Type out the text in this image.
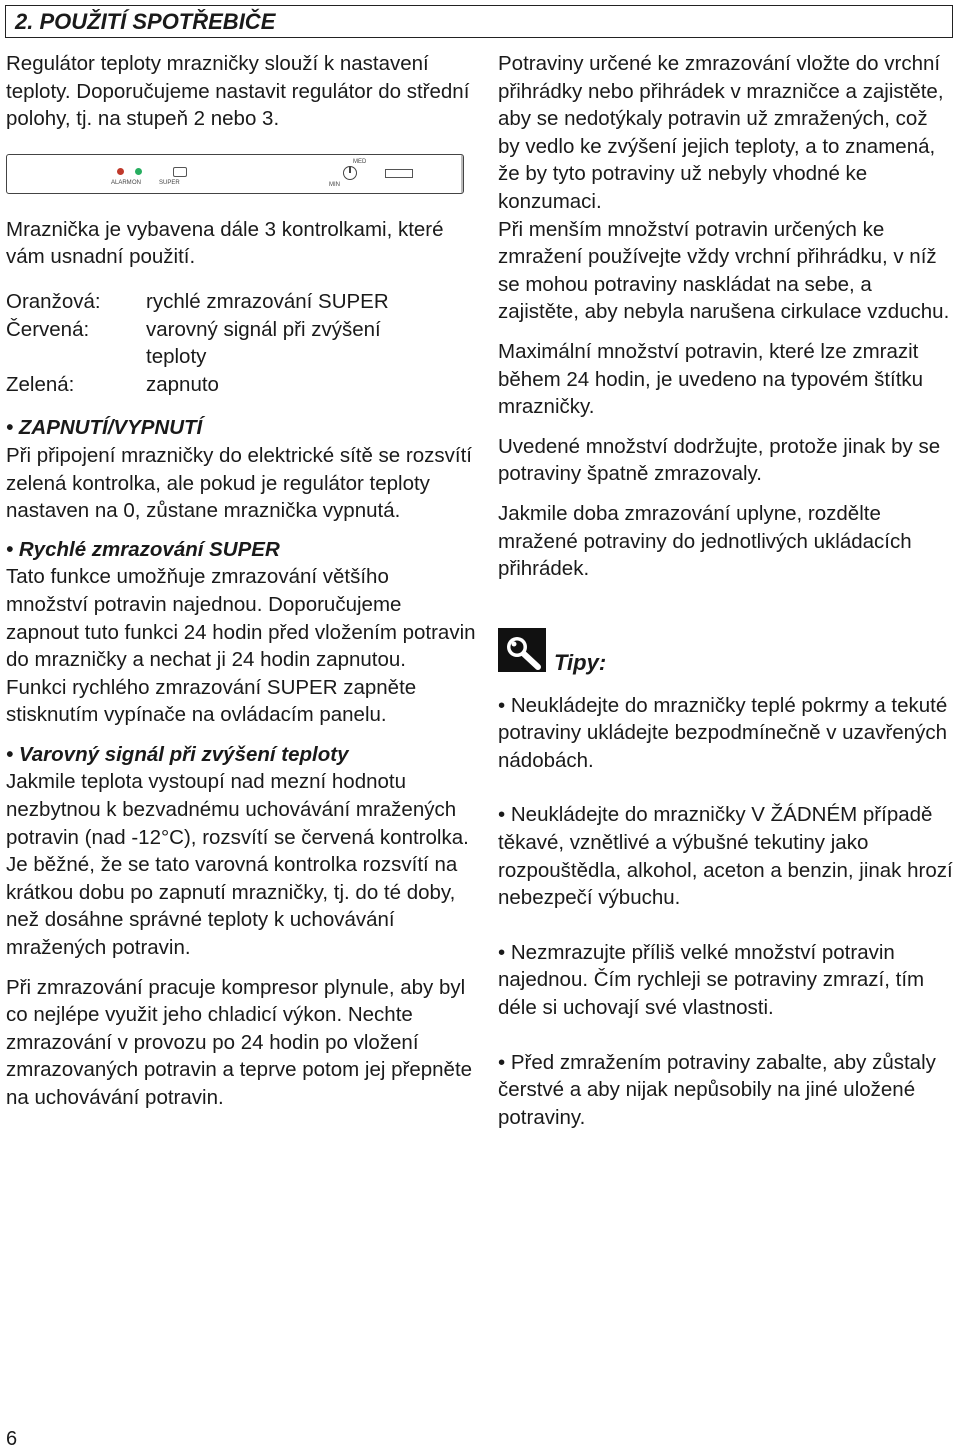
2. POUŽITÍ SPOTŘEBIČE

Regulátor teploty mrazničky slouží k nastavení teploty. Doporučujeme nastavit regulátor do střední polohy, tj. na stupeň 2 nebo 3.

ALARM ON	SUPER	MIN
MED

Mraznička je vybavena dále 3 kontrolkami, které vám usnadní použití.

Oranžová:	rychlé zmrazování SUPER
Červená:	varovný signál při zvýšení teploty
Zelená:	zapnuto

• ZAPNUTÍ/VYPNUTÍ

Při připojení mrazničky do elektrické sítě se rozsvítí zelená kontrolka, ale pokud je regulátor teploty nastaven na 0, zůstane mraznička vypnutá.

• Rychlé zmrazování SUPER

Tato funkce umožňuje zmrazování většího množství potravin najednou. Doporučujeme zapnout tuto funkci 24 hodin před vložením potravin do mrazničky a nechat ji 24 hodin zapnutou.

Funkci rychlého zmrazování SUPER zapněte stisknutím vypínače na ovládacím panelu.

• Varovný signál při zvýšení teploty

Jakmile teplota vystoupí nad mezní hodnotu nezbytnou k bezvadnému uchovávání mražených potravin (nad -12°C), rozsvítí se červená kontrolka. Je běžné, že se tato varovná kontrolka rozsvítí na krátkou dobu po zapnutí mrazničky, tj. do té doby, než dosáhne správné teploty k uchovávání mražených potravin.

Při zmrazování pracuje kompresor plynule, aby byl co nejlépe využit jeho chladicí výkon. Nechte zmrazování v provozu po 24 hodin po vložení zmrazovaných potravin a teprve potom jej přepněte na uchovávání potravin.

Potraviny určené ke zmrazování vložte do vrchní přihrádky nebo přihrádek v mrazničce a zajistěte, aby se nedotýkaly potravin už zmražených, což by vedlo ke zvýšení jejich teploty, a to znamená, že by tyto potraviny už nebyly vhodné ke konzumaci.

Při menším množství potravin určených ke zmražení používejte vždy vrchní přihrádku, v níž se mohou potraviny naskládat na sebe, a zajistěte, aby nebyla narušena cirkulace vzduchu.

Maximální množství potravin, které lze zmrazit během 24 hodin, je uvedeno na typovém štítku mrazničky.

Uvedené množství dodržujte, protože jinak by se potraviny špatně zmrazovaly.

Jakmile doba zmrazování uplyne, rozdělte mražené potraviny do jednotlivých ukládacích přihrádek.

Tipy:

• Neukládejte do mrazničky teplé pokrmy a tekuté potraviny ukládejte bezpodmínečně v uzavřených nádobách.

• Neukládejte do mrazničky V ŽÁDNÉM případě těkavé, vznětlivé a výbušné tekutiny jako rozpouštědla, alkohol, aceton a benzin, jinak hrozí nebezpečí výbuchu.

• Nezmrazujte příliš velké množství potravin najednou. Čím rychleji se potraviny zmrazí, tím déle si uchovají své vlastnosti.

• Před zmražením potraviny zabalte, aby zůstaly čerstvé a aby nijak nepůsobily na jiné uložené potraviny.

6
